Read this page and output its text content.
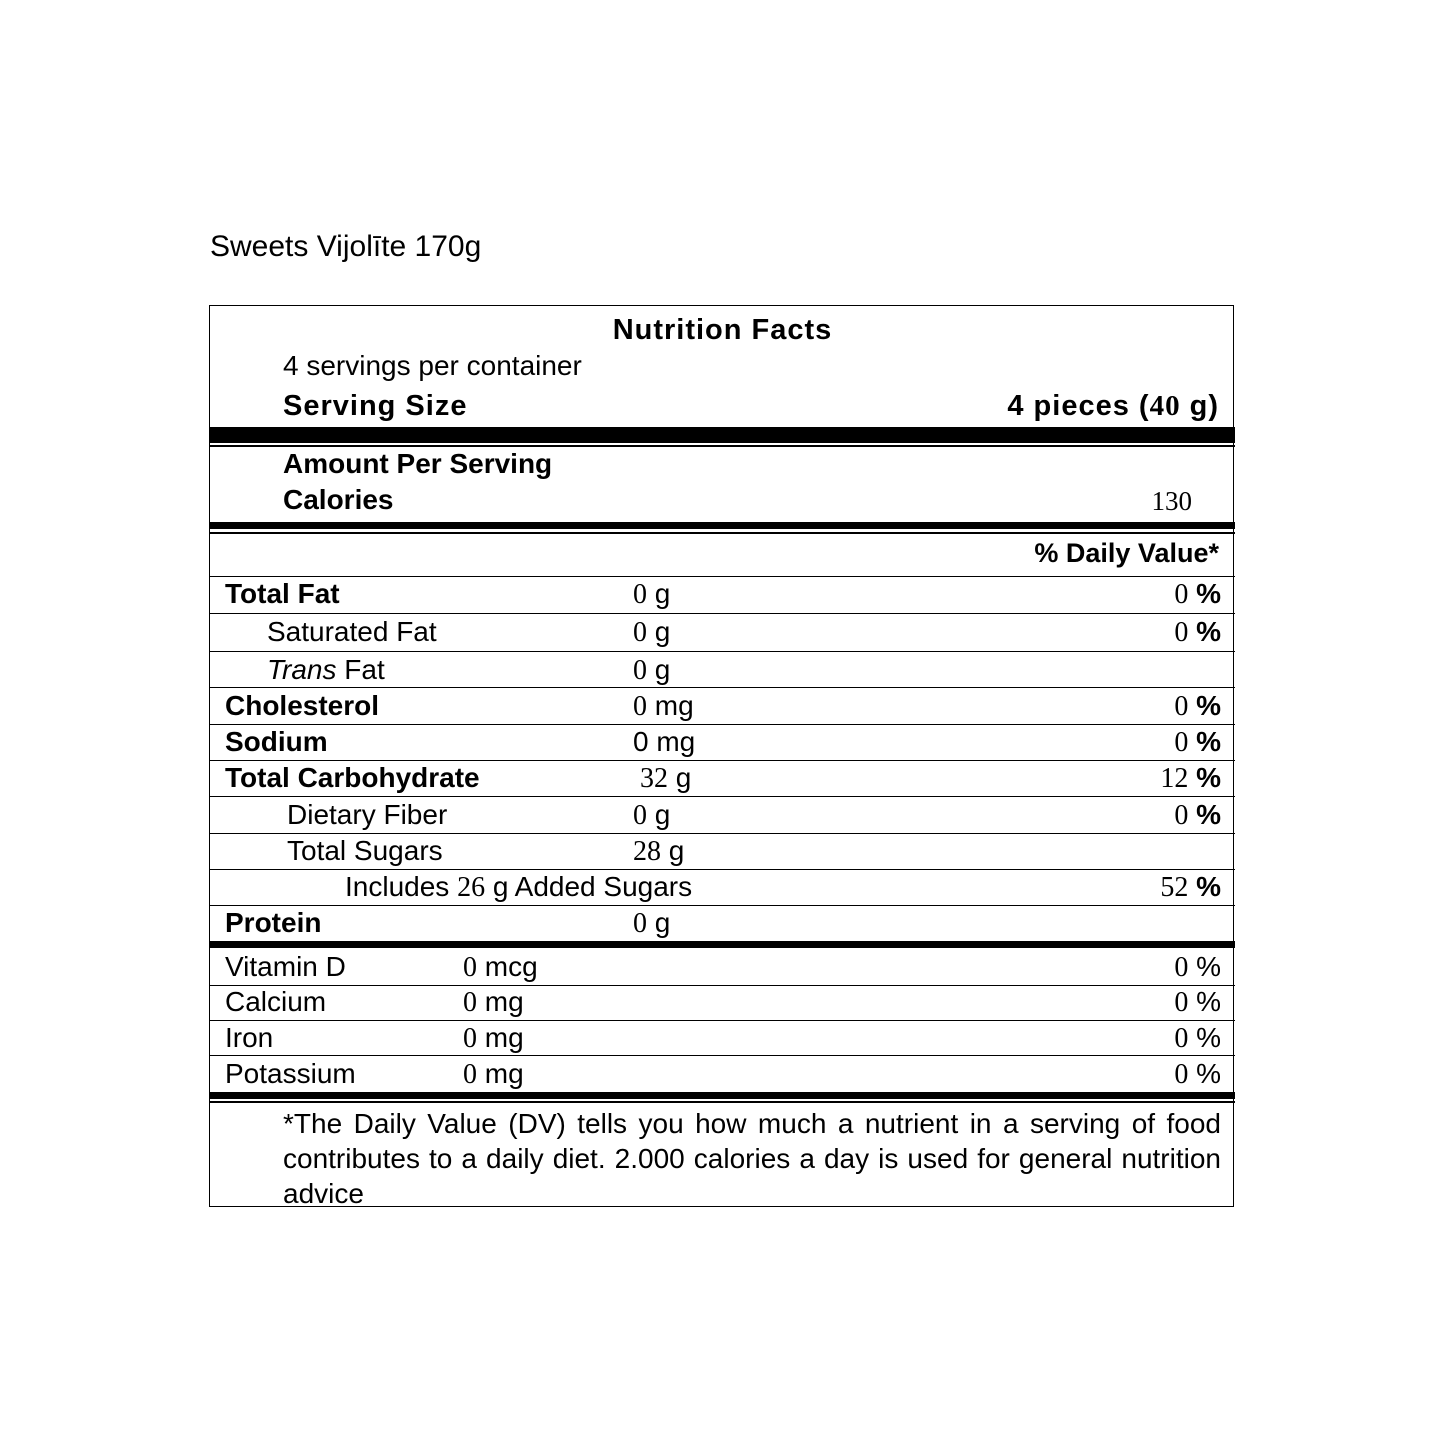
Sweets Vijolīte 170g
Nutrition Facts
4 servings per container
Serving Size	4 pieces (40 g)
Amount Per Serving
Calories	130
% Daily Value*
Total Fat	0 g	0 %
Saturated Fat	0 g	0 %
Trans Fat	0 g
Cholesterol	0 mg	0 %
Sodium	0 mg	0 %
Total Carbohydrate	32 g	12 %
Dietary Fiber	0 g	0 %
Total Sugars	28 g
Includes 26 g Added Sugars	52 %
Protein	0 g
Vitamin D	0 mcg	0 %
Calcium	0 mg	0 %
Iron	0 mg	0 %
Potassium	0 mg	0 %
*The Daily Value (DV) tells you how much a nutrient in a serving of food contributes to a daily diet. 2.000 calories a day is used for general nutrition advice
